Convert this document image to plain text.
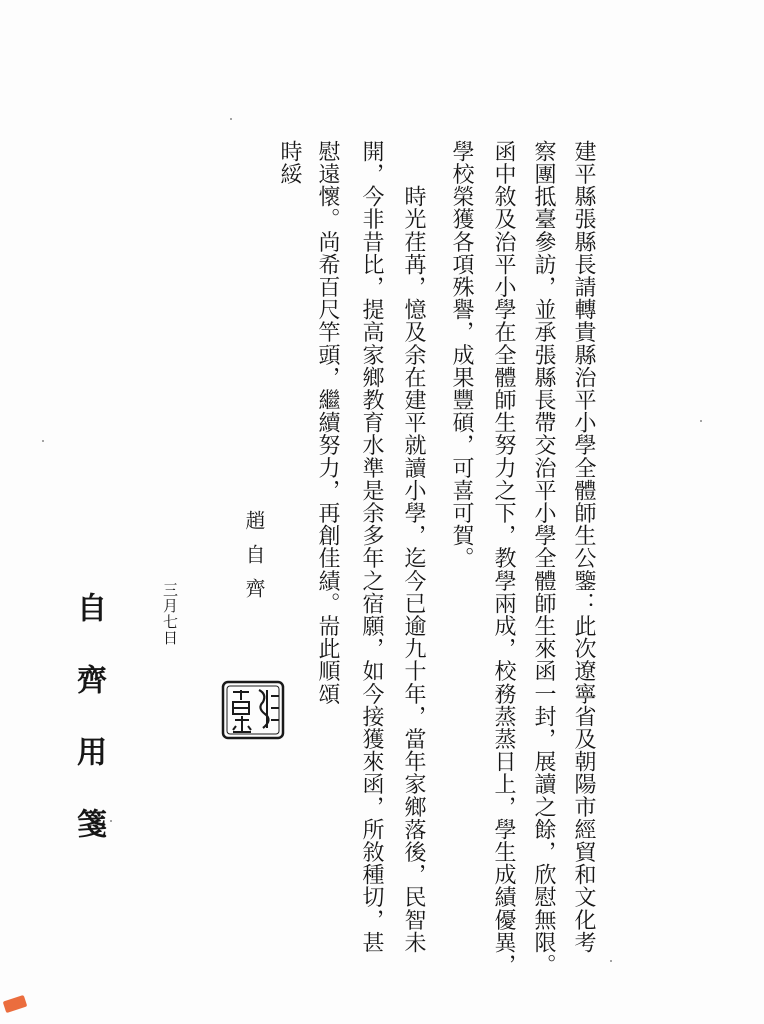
建平縣張縣長請轉貴縣治平小學全體師生公鑒：此次遼寧省及朝陽市經貿和文化考

察團抵臺參訪，並承張縣長帶交治平小學全體師生來函一封，展讀之餘，欣慰無限。

函中敘及治平小學在全體師生努力之下，教學兩成，校務蒸蒸日上，學生成績優異，

學校榮獲各項殊譽，成果豐碩，可喜可賀。

　　時光荏苒，憶及余在建平就讀小學，迄今已逾九十年，當年家鄉落後，民智未

開，今非昔比，提高家鄉教育水準是余多年之宿願，如今接獲來函，所敘種切，甚

慰遠懷。尚希百尺竿頭，繼續努力，再創佳績。耑此順頌

時綏

趙自齊

三月七日

自齊用箋
